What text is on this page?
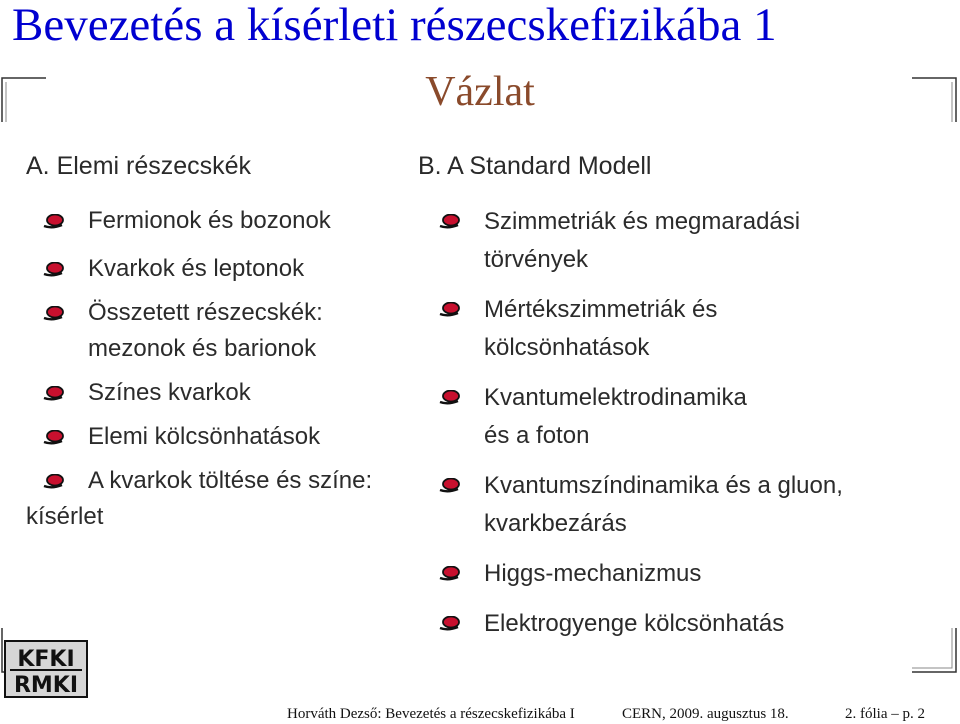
Bevezetés a kísérleti részecskefizikába 1
Vázlat
A. Elemi részecskék
Fermionok és bozonok
Kvarkok és leptonok
Összetett részecskék:
mezonok és barionok
Színes kvarkok
Elemi kölcsönhatások
A kvarkok töltése és színe:
kísérlet
B. A Standard Modell
Szimmetriák és megmaradási
törvények
Mértékszimmetriák és
kölcsönhatások
Kvantumelektrodinamika
és a foton
Kvantumszíndinamika és a gluon,
kvarkbezárás
Higgs-mechanizmus
Elektrogyenge kölcsönhatás
KFKI
RMKI
Horváth Dezső: Bevezetés a részecskefizikába I	CERN, 2009. augusztus 18.	2. fólia – p. 2
